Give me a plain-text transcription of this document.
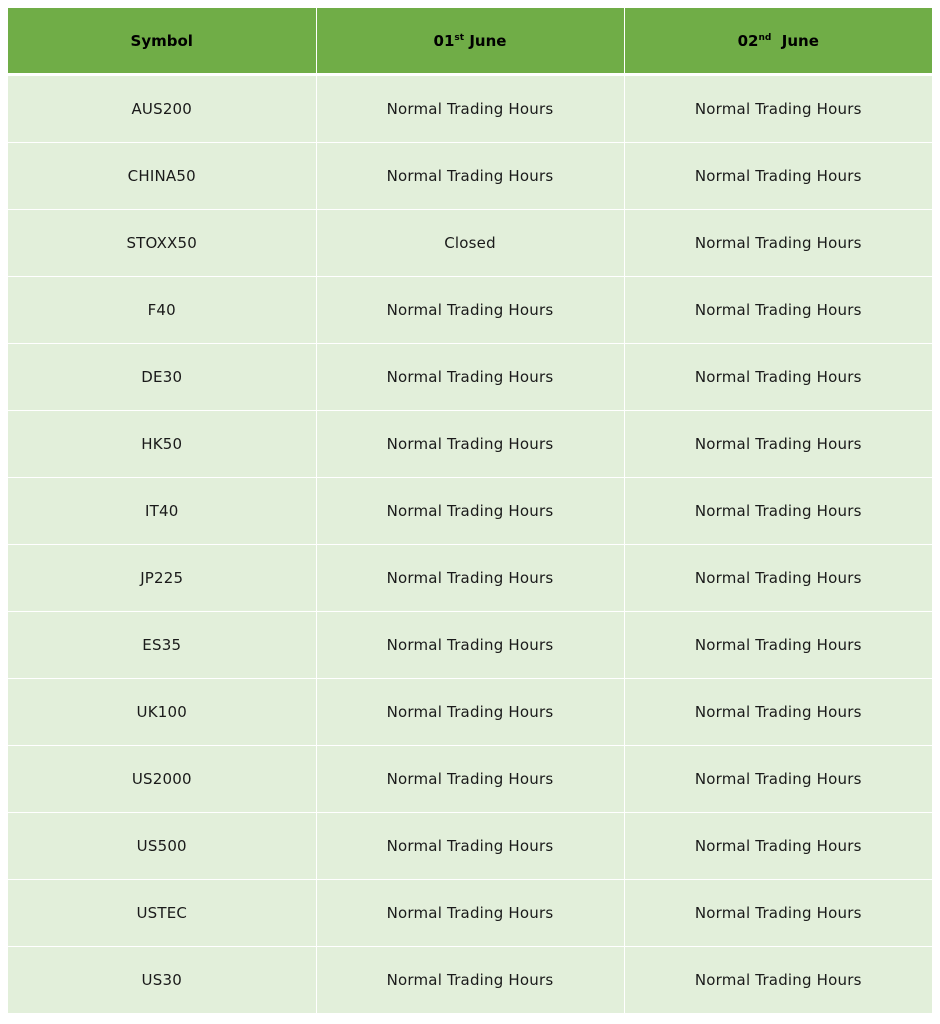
Symbol	01st June	02nd  June
AUS200	Normal Trading Hours	Normal Trading Hours
CHINA50	Normal Trading Hours	Normal Trading Hours
STOXX50	Closed	Normal Trading Hours
F40	Normal Trading Hours	Normal Trading Hours
DE30	Normal Trading Hours	Normal Trading Hours
HK50	Normal Trading Hours	Normal Trading Hours
IT40	Normal Trading Hours	Normal Trading Hours
JP225	Normal Trading Hours	Normal Trading Hours
ES35	Normal Trading Hours	Normal Trading Hours
UK100	Normal Trading Hours	Normal Trading Hours
US2000	Normal Trading Hours	Normal Trading Hours
US500	Normal Trading Hours	Normal Trading Hours
USTEC	Normal Trading Hours	Normal Trading Hours
US30	Normal Trading Hours	Normal Trading Hours
